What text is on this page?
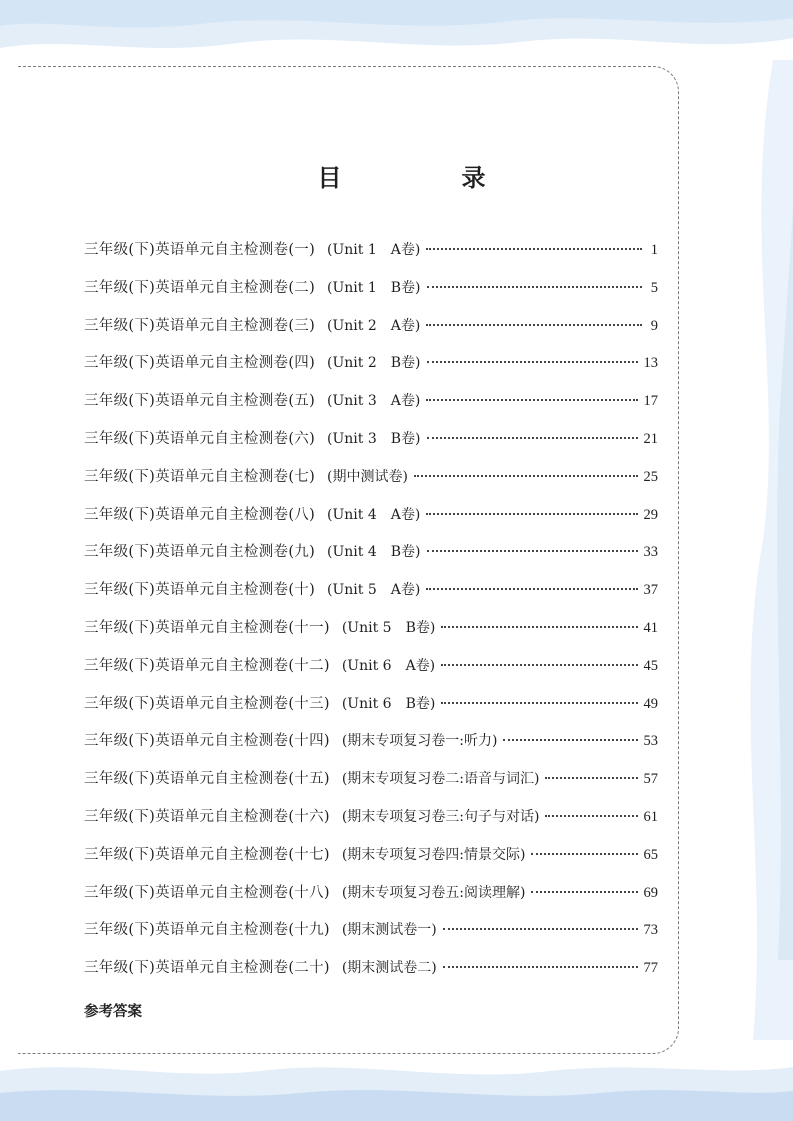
目　录
三年级(下)英语单元自主检测卷(一) (Unit 1　A卷)	1
三年级(下)英语单元自主检测卷(二) (Unit 1　B卷)	5
三年级(下)英语单元自主检测卷(三) (Unit 2　A卷)	9
三年级(下)英语单元自主检测卷(四) (Unit 2　B卷)	13
三年级(下)英语单元自主检测卷(五) (Unit 3　A卷)	17
三年级(下)英语单元自主检测卷(六) (Unit 3　B卷)	21
三年级(下)英语单元自主检测卷(七) (期中测试卷)	25
三年级(下)英语单元自主检测卷(八) (Unit 4　A卷)	29
三年级(下)英语单元自主检测卷(九) (Unit 4　B卷)	33
三年级(下)英语单元自主检测卷(十) (Unit 5　A卷)	37
三年级(下)英语单元自主检测卷(十一) (Unit 5　B卷)	41
三年级(下)英语单元自主检测卷(十二) (Unit 6　A卷)	45
三年级(下)英语单元自主检测卷(十三) (Unit 6　B卷)	49
三年级(下)英语单元自主检测卷(十四) (期末专项复习卷一:听力)	53
三年级(下)英语单元自主检测卷(十五) (期末专项复习卷二:语音与词汇)	57
三年级(下)英语单元自主检测卷(十六) (期末专项复习卷三:句子与对话)	61
三年级(下)英语单元自主检测卷(十七) (期末专项复习卷四:情景交际)	65
三年级(下)英语单元自主检测卷(十八) (期末专项复习卷五:阅读理解)	69
三年级(下)英语单元自主检测卷(十九) (期末测试卷一)	73
三年级(下)英语单元自主检测卷(二十) (期末测试卷二)	77
参考答案
